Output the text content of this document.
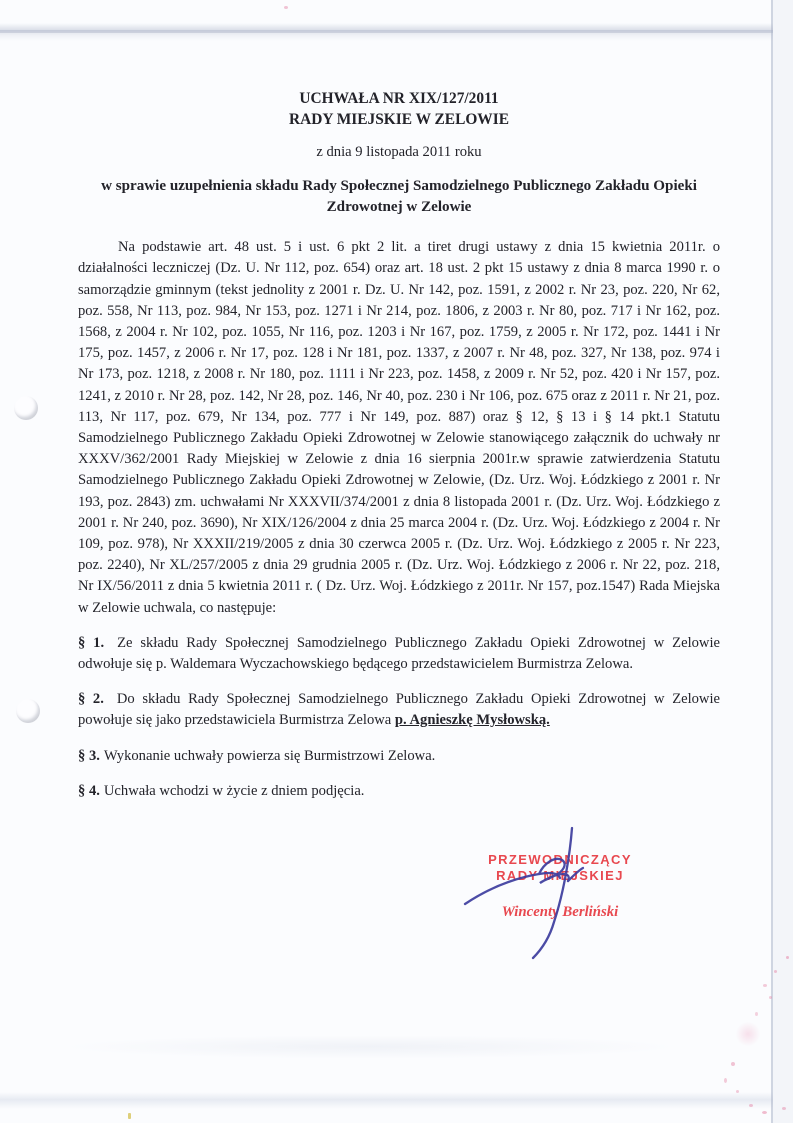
UCHWAŁA NR XIX/127/2011
RADY MIEJSKIE W ZELOWIE

z dnia 9 listopada 2011 roku

w sprawie uzupełnienia składu Rady Społecznej Samodzielnego Publicznego Zakładu Opieki Zdrowotnej w Zelowie

Na podstawie art. 48 ust. 5 i ust. 6 pkt 2 lit. a tiret drugi ustawy z dnia 15 kwietnia 2011r. o działalności leczniczej (Dz. U. Nr 112, poz. 654) oraz art. 18 ust. 2 pkt 15 ustawy z dnia 8 marca 1990 r. o samorządzie gminnym (tekst jednolity z 2001 r. Dz. U. Nr 142, poz. 1591, z 2002 r. Nr 23, poz. 220, Nr 62, poz. 558, Nr 113, poz. 984, Nr 153, poz. 1271 i Nr 214, poz. 1806, z 2003 r. Nr 80, poz. 717 i Nr 162, poz. 1568, z 2004 r. Nr 102, poz. 1055, Nr 116, poz. 1203 i Nr 167, poz. 1759, z 2005 r. Nr 172, poz. 1441 i Nr 175, poz. 1457, z 2006 r. Nr 17, poz. 128 i Nr 181, poz. 1337, z 2007 r. Nr 48, poz. 327, Nr 138, poz. 974 i Nr 173, poz. 1218, z 2008 r. Nr 180, poz. 1111 i Nr 223, poz. 1458, z 2009 r. Nr 52, poz. 420 i Nr 157, poz. 1241, z 2010 r. Nr 28, poz. 142, Nr 28, poz. 146, Nr 40, poz. 230 i Nr 106, poz. 675 oraz z 2011 r. Nr 21, poz. 113, Nr 117, poz. 679, Nr 134, poz. 777 i Nr 149, poz. 887) oraz § 12, § 13 i § 14 pkt.1 Statutu Samodzielnego Publicznego Zakładu Opieki Zdrowotnej w Zelowie stanowiącego załącznik do uchwały nr XXXV/362/2001 Rady Miejskiej w Zelowie z dnia 16 sierpnia 2001r.w sprawie zatwierdzenia Statutu Samodzielnego Publicznego Zakładu Opieki Zdrowotnej w Zelowie, (Dz. Urz. Woj. Łódzkiego z 2001 r. Nr 193, poz. 2843) zm. uchwałami Nr XXXVII/374/2001 z dnia 8 listopada 2001 r. (Dz. Urz. Woj. Łódzkiego z 2001 r. Nr 240, poz. 3690), Nr XIX/126/2004 z dnia 25 marca 2004 r. (Dz. Urz. Woj. Łódzkiego z 2004 r. Nr 109, poz. 978), Nr XXXII/219/2005 z dnia 30 czerwca 2005 r. (Dz. Urz. Woj. Łódzkiego z 2005 r. Nr 223, poz. 2240), Nr XL/257/2005 z dnia 29 grudnia 2005 r. (Dz. Urz. Woj. Łódzkiego z 2006 r. Nr 22, poz. 218, Nr IX/56/2011 z dnia 5 kwietnia 2011 r. ( Dz. Urz. Woj. Łódzkiego z 2011r. Nr 157, poz.1547) Rada Miejska w Zelowie uchwala, co następuje:

§ 1. Ze składu Rady Społecznej Samodzielnego Publicznego Zakładu Opieki Zdrowotnej w Zelowie odwołuje się p. Waldemara Wyczachowskiego będącego przedstawicielem Burmistrza Zelowa.

§ 2. Do składu Rady Społecznej Samodzielnego Publicznego Zakładu Opieki Zdrowotnej w Zelowie powołuje się jako przedstawiciela Burmistrza Zelowa p. Agnieszkę Mysłowską.

§ 3. Wykonanie uchwały powierza się Burmistrzowi Zelowa.

§ 4. Uchwała wchodzi w życie z dniem podjęcia.

PRZEWODNICZĄCY
RADY MIEJSKIEJ
Wincenty Berliński
